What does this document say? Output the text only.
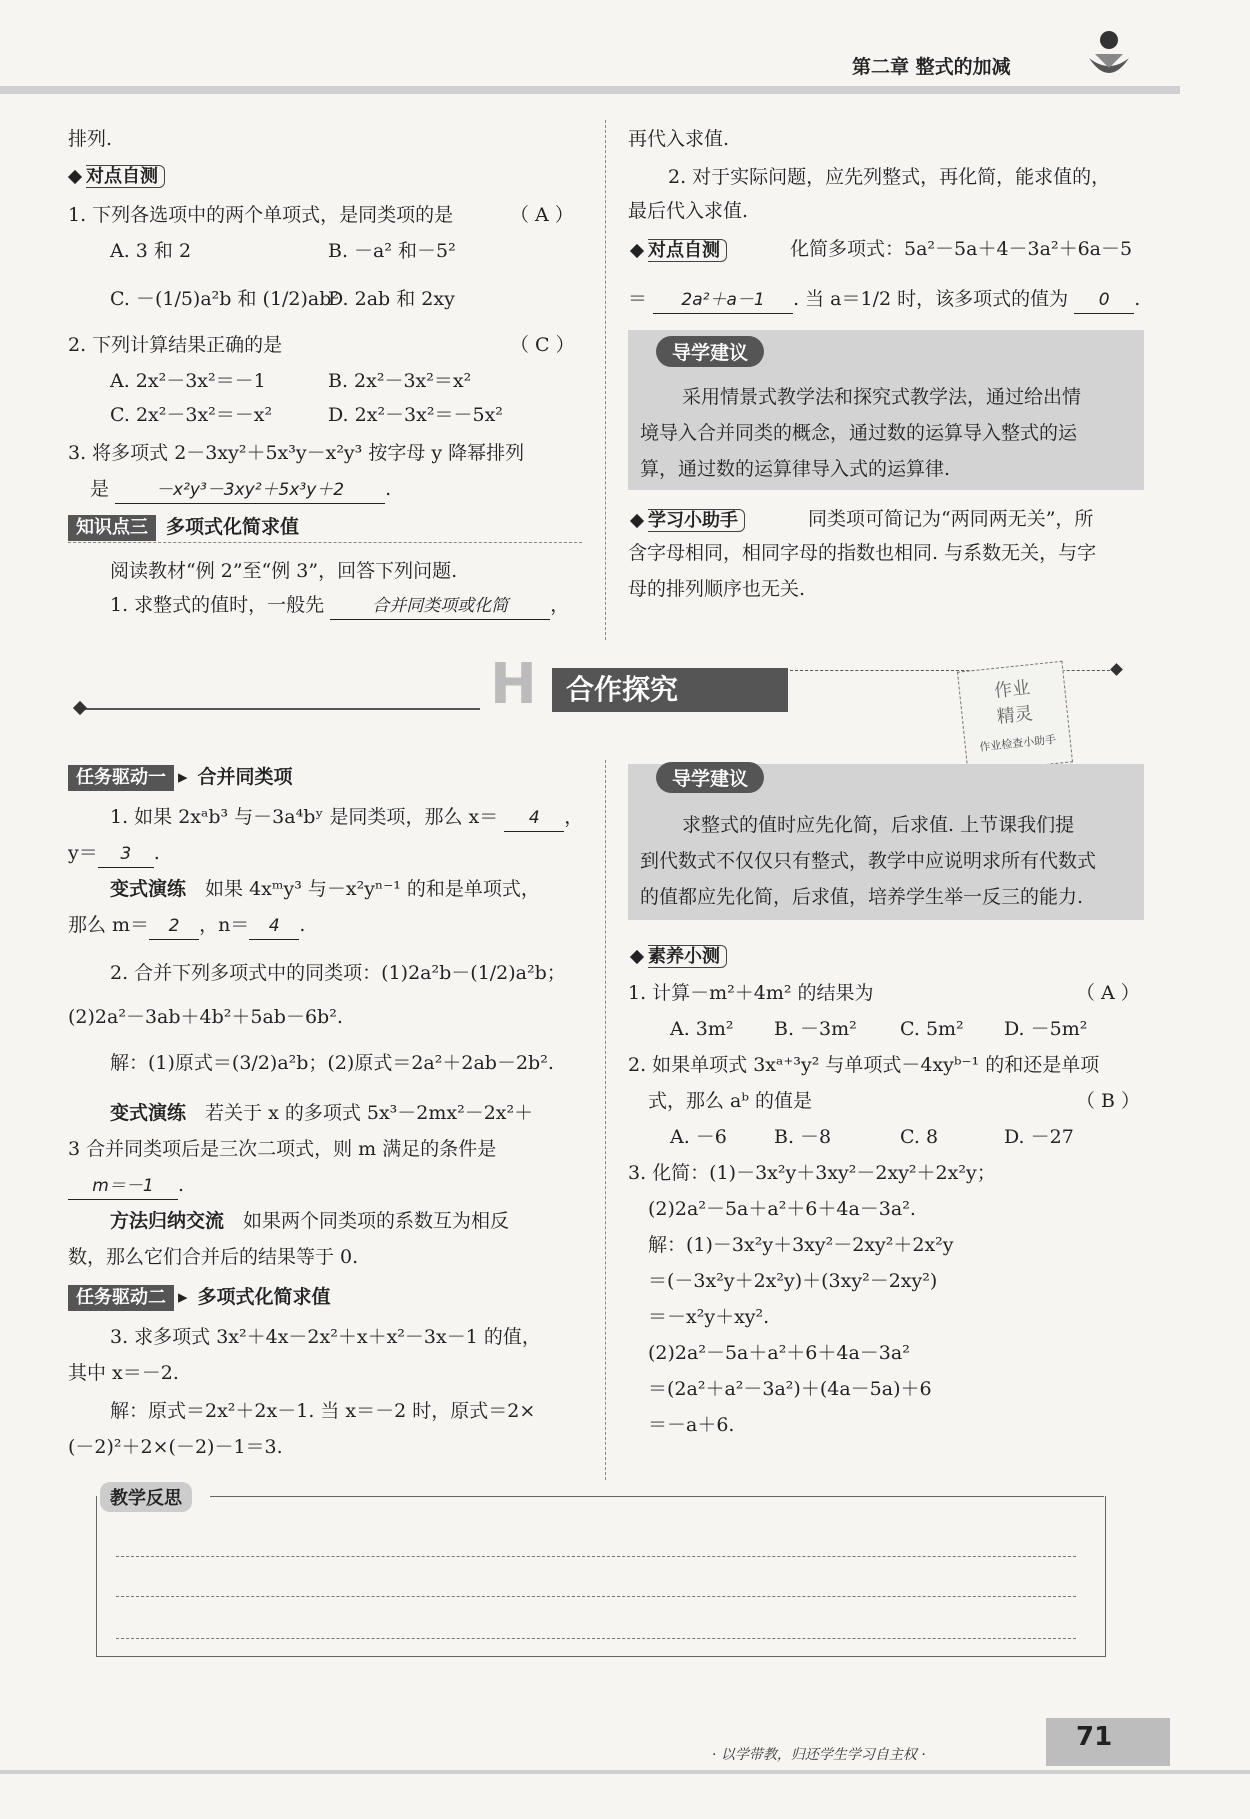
第二章 整式的加减
排列.
对点自测
1. 下列各选项中的两个单项式，是同类项的是	（ A ）
A. 3 和 2	B. －a² 和－5²
C. －(1/5)a²b 和 (1/2)ab²
D. 2ab 和 2xy
2. 下列计算结果正确的是	（ C ）
A. 2x²－3x²＝－1	B. 2x²－3x²＝x²
C. 2x²－3x²＝－x²	D. 2x²－3x²＝－5x²
3. 将多项式 2－3xy²＋5x³y－x²y³ 按字母 y 降幂排列
是	－x²y³－3xy²＋5x³y＋2 .
知识点三 多项式化简求值
阅读教材“例 2”至“例 3”，回答下列问题.
1. 求整式的值时，一般先	合并同类项或化简 ，
再代入求值.
2. 对于实际问题，应先列整式，再化简，能求值的，
最后代入求值.
对点自测	化简多项式：5a²－5a＋4－3a²＋6a－5
＝ 2a²＋a－1 . 当 a＝1/2 时，该多项式的值为 0 .
导学建议
采用情景式教学法和探究式教学法，通过给出情
境导入合并同类的概念，通过数的运算导入整式的运
算，通过数的运算律导入式的运算律.
学习小助手	同类项可简记为“两同两无关”，所
含字母相同，相同字母的指数也相同. 与系数无关，与字
母的排列顺序也无关.
H	合作探究	作业
精灵
作业检查小助手
任务驱动一 ▸ 合并同类项
1. 如果 2xᵃb³ 与－3a⁴bʸ 是同类项，那么 x＝ 4 ，
y＝ 3 .
变式演练　 如果 4xᵐy³ 与－x²yⁿ⁻¹ 的和是单项式，
那么 m＝ 2 ，n＝ 4 .
2. 合并下列多项式中的同类项：(1)2a²b－(1/2)a²b；
(2)2a²－3ab＋4b²＋5ab－6b².
解：(1)原式＝(3/2)a²b；(2)原式＝2a²＋2ab－2b².
变式演练　 若关于 x 的多项式 5x³－2mx²－2x²＋
3 合并同类项后是三次二项式，则 m 满足的条件是
m＝－1 .
方法归纳交流　 如果两个同类项的系数互为相反
数，那么它们合并后的结果等于 0.
任务驱动二 ▸ 多项式化简求值
3. 求多项式 3x²＋4x－2x²＋x＋x²－3x－1 的值，
其中 x＝－2.
解：原式＝2x²＋2x－1. 当 x＝－2 时，原式＝2×
(－2)²＋2×(－2)－1＝3.
导学建议
求整式的值时应先化简，后求值. 上节课我们提
到代数式不仅仅只有整式，教学中应说明求所有代数式
的值都应先化简，后求值，培养学生举一反三的能力.
素养小测
1. 计算－m²＋4m² 的结果为	（ A ）
A. 3m² B. －3m² C. 5m² D. －5m²
2. 如果单项式 3xᵃ⁺³y² 与单项式－4xyᵇ⁻¹ 的和还是单项
式，那么 aᵇ 的值是	（ B ）
A. －6 B. －8	C. 8	D. －27
3. 化简：(1)－3x²y＋3xy²－2xy²＋2x²y；
(2)2a²－5a＋a²＋6＋4a－3a².
解：(1)－3x²y＋3xy²－2xy²＋2x²y
＝(－3x²y＋2x²y)＋(3xy²－2xy²)
＝－x²y＋xy².
(2)2a²－5a＋a²＋6＋4a－3a²
＝(2a²＋a²－3a²)＋(4a－5a)＋6
＝－a＋6.
教学反思
· 以学带教，归还学生学习自主权 ·
71
